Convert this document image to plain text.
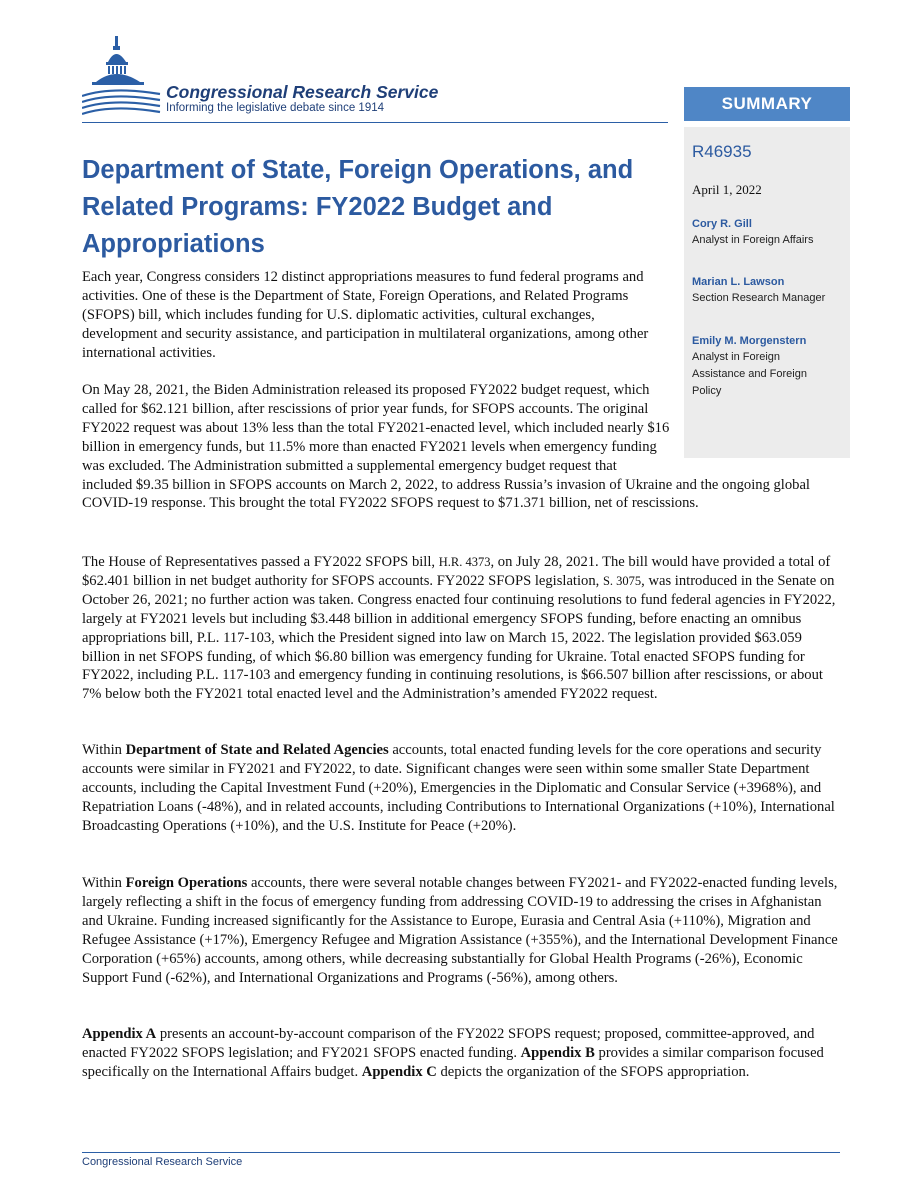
Congressional Research Service
Informing the legislative debate since 1914	SUMMARY
R46935
April 1, 2022
Cory R. Gill
Analyst in Foreign Affairs
Marian L. Lawson
Section Research Manager
Emily M. Morgenstern
Analyst in Foreign Assistance and Foreign Policy
Department of State, Foreign Operations, and Related Programs: FY2022 Budget and Appropriations
Each year, Congress considers 12 distinct appropriations measures to fund federal programs and activities. One of these is the Department of State, Foreign Operations, and Related Programs (SFOPS) bill, which includes funding for U.S. diplomatic activities, cultural exchanges, development and security assistance, and participation in multilateral organizations, among other international activities.
On May 28, 2021, the Biden Administration released its proposed FY2022 budget request, which called for $62.121 billion, after rescissions of prior year funds, for SFOPS accounts. The original FY2022 request was about 13% less than the total FY2021-enacted level, which included nearly $16 billion in emergency funds, but 11.5% more than enacted FY2021 levels when emergency funding was excluded. The Administration submitted a supplemental emergency budget request that included $9.35 billion in SFOPS accounts on March 2, 2022, to address Russia’s invasion of Ukraine and the ongoing global COVID-19 response. This brought the total FY2022 SFOPS request to $71.371 billion, net of rescissions.
The House of Representatives passed a FY2022 SFOPS bill, H.R. 4373, on July 28, 2021. The bill would have provided a total of $62.401 billion in net budget authority for SFOPS accounts. FY2022 SFOPS legislation, S. 3075, was introduced in the Senate on October 26, 2021; no further action was taken. Congress enacted four continuing resolutions to fund federal agencies in FY2022, largely at FY2021 levels but including $3.448 billion in additional emergency SFOPS funding, before enacting an omnibus appropriations bill, P.L. 117-103, which the President signed into law on March 15, 2022. The legislation provided $63.059 billion in net SFOPS funding, of which $6.80 billion was emergency funding for Ukraine. Total enacted SFOPS funding for FY2022, including P.L. 117-103 and emergency funding in continuing resolutions, is $66.507 billion after rescissions, or about 7% below both the FY2021 total enacted level and the Administration’s amended FY2022 request.
Within Department of State and Related Agencies accounts, total enacted funding levels for the core operations and security accounts were similar in FY2021 and FY2022, to date. Significant changes were seen within some smaller State Department accounts, including the Capital Investment Fund (+20%), Emergencies in the Diplomatic and Consular Service (+3968%), and Repatriation Loans (-48%), and in related accounts, including Contributions to International Organizations (+10%), International Broadcasting Operations (+10%), and the U.S. Institute for Peace (+20%).
Within Foreign Operations accounts, there were several notable changes between FY2021- and FY2022-enacted funding levels, largely reflecting a shift in the focus of emergency funding from addressing COVID-19 to addressing the crises in Afghanistan and Ukraine. Funding increased significantly for the Assistance to Europe, Eurasia and Central Asia (+110%), Migration and Refugee Assistance (+17%), Emergency Refugee and Migration Assistance (+355%), and the International Development Finance Corporation (+65%) accounts, among others, while decreasing substantially for Global Health Programs (-26%), Economic Support Fund (-62%), and International Organizations and Programs (-56%), among others.
Appendix A presents an account-by-account comparison of the FY2022 SFOPS request; proposed, committee-approved, and enacted FY2022 SFOPS legislation; and FY2021 SFOPS enacted funding. Appendix B provides a similar comparison focused specifically on the International Affairs budget. Appendix C depicts the organization of the SFOPS appropriation.
Congressional Research Service
